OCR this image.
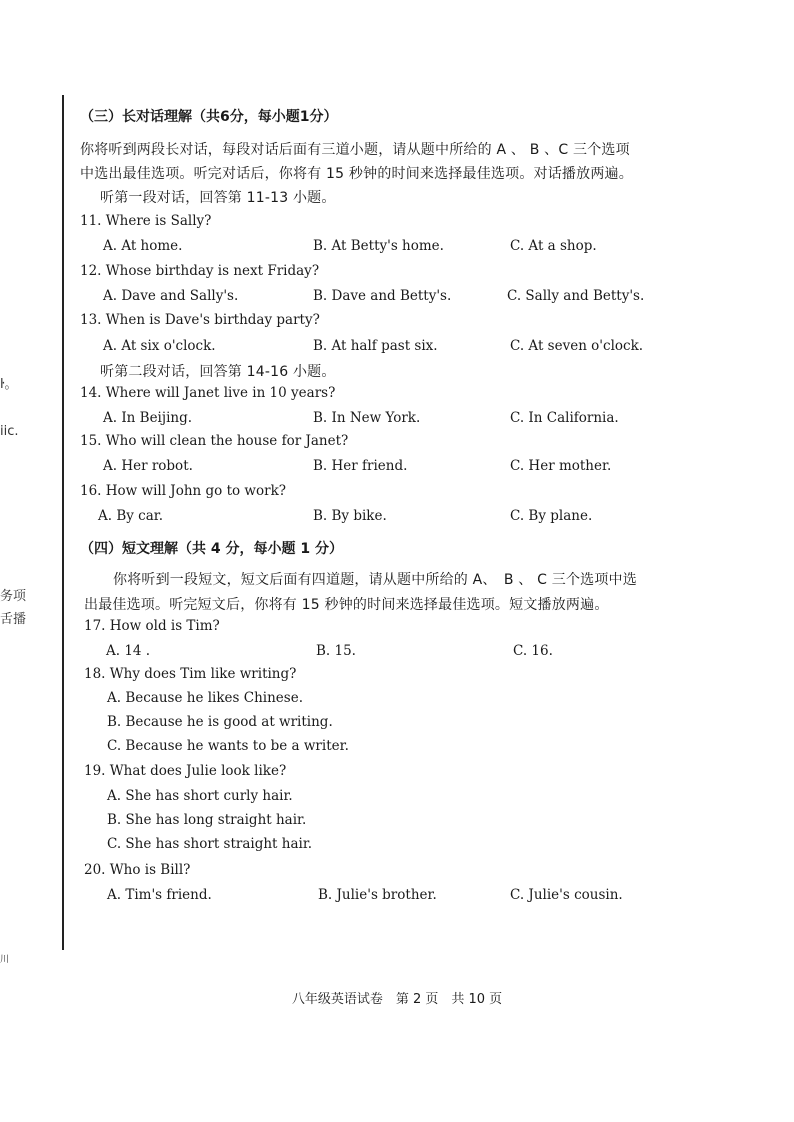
ŀ。
iic.
务项
舌播
川
（三）长对话理解（共6分，每小题1分）
你将听到两段长对话，每段对话后面有三道小题，请从题中所给的 A 、 B 、C 三个选项
中选出最佳选项。听完对话后，你将有 15 秒钟的时间来选择最佳选项。对话播放两遍。
听第一段对话，回答第 11-13 小题。
11. Where is Sally?
A. At home.	B. At Betty's home.	C. At a shop.
12. Whose birthday is next Friday?
A. Dave and Sally's.	B. Dave and Betty's.	C. Sally and Betty's.
13. When is Dave's birthday party?
A. At six o'clock.	B. At half past six.	C. At seven o'clock.
听第二段对话，回答第 14-16 小题。
14. Where will Janet live in 10 years?
A. In Beijing.	B. In New York.	C. In California.
15. Who will clean the house for Janet?
A. Her robot.	B. Her friend.	C. Her mother.
16. How will John go to work?
A. By car.	B. By bike.	C. By plane.
（四）短文理解（共 4 分，每小题 1 分）
你将听到一段短文，短文后面有四道题，请从题中所给的 A、　B 、 C 三个选项中选
出最佳选项。听完短文后，你将有 15 秒钟的时间来选择最佳选项。短文播放两遍。
17. How old is Tim?
A. 14 .	B. 15.	C. 16.
18. Why does Tim like writing?
A. Because he likes Chinese.
B. Because he is good at writing.
C. Because he wants to be a writer.
19. What does Julie look like?
A. She has short curly hair.
B. She has long straight hair.
C. She has short straight hair.
20. Who is Bill?
A. Tim's friend.	B. Julie's brother.	C. Julie's cousin.
八年级英语试卷　第 2 页　共 10 页
